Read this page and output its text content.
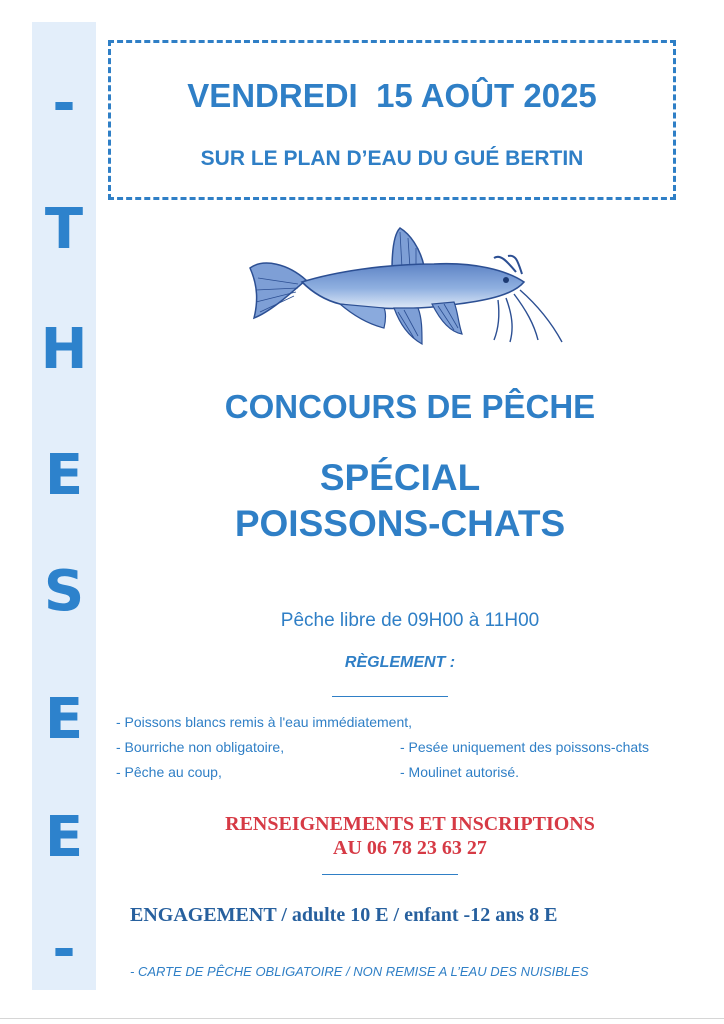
-
T
H
E
S
E
E
-
VENDREDI  15 AOÛT 2025
SUR LE PLAN D’EAU DU GUÉ BERTIN
CONCOURS DE PÊCHE
SPÉCIAL
POISSONS-CHATS
Pêche libre de 09H00 à 11H00
RÈGLEMENT :
- Poissons blancs remis à l'eau immédiatement,
- Bourriche non obligatoire,	- Pesée uniquement des poissons-chats
- Pêche au coup,	- Moulinet autorisé.
RENSEIGNEMENTS ET INSCRIPTIONS
AU 06 78 23 63 27
ENGAGEMENT / adulte 10 E / enfant -12 ans 8 E
- CARTE DE PÊCHE OBLIGATOIRE / NON REMISE A L’EAU DES NUISIBLES
